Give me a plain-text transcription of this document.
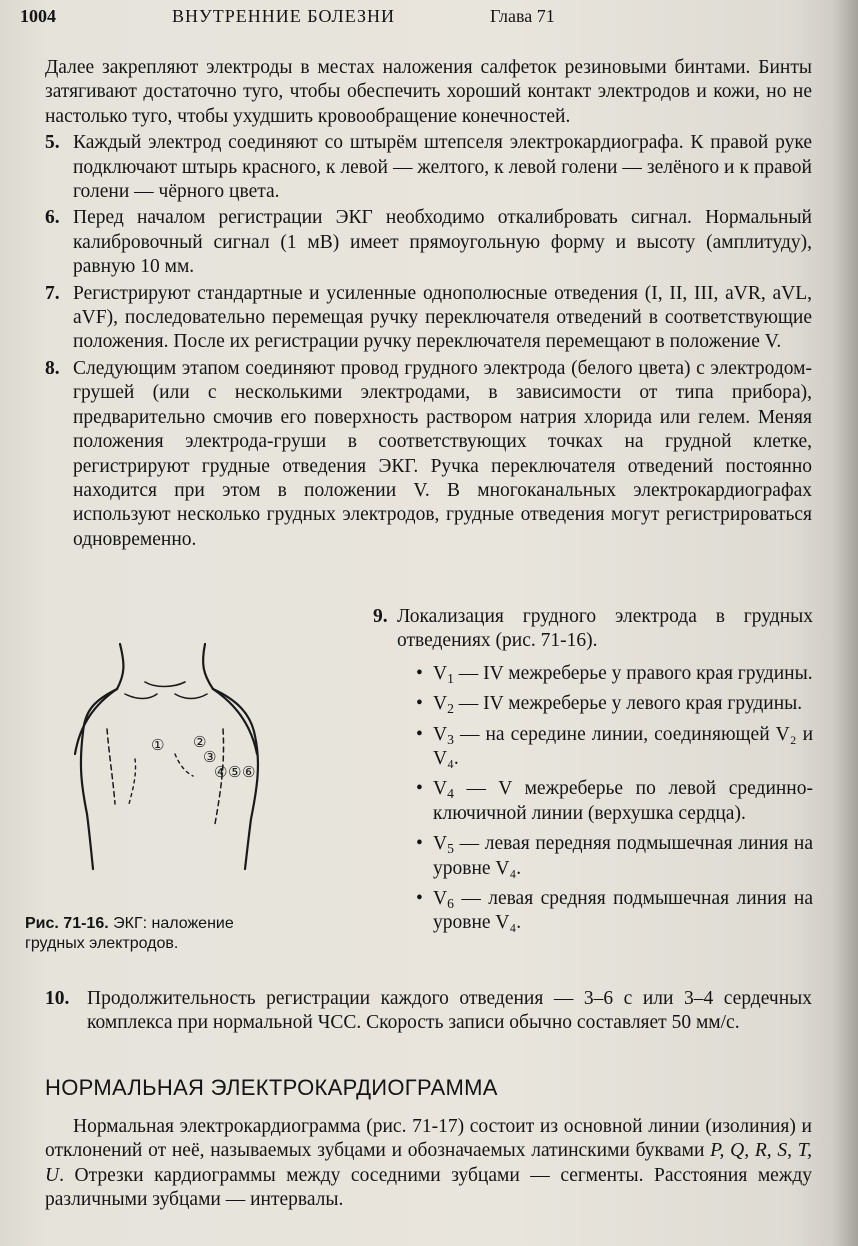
1004	ВНУТРЕННИЕ БОЛЕЗНИ	Глава 71

Далее закрепляют электроды в местах наложения салфеток резиновыми бинтами. Бинты затягивают достаточно туго, чтобы обеспечить хороший контакт электродов и кожи, но не настолько туго, чтобы ухудшить кровообращение конечностей.

5. Каждый электрод соединяют со штырём штепселя электрокардиографа. К правой руке подключают штырь красного, к левой — желтого, к левой голени — зелёного и к правой голени — чёрного цвета.
6. Перед началом регистрации ЭКГ необходимо откалибровать сигнал. Нормальный калибровочный сигнал (1 мВ) имеет прямоугольную форму и высоту (амплитуду), равную 10 мм.
7. Регистрируют стандартные и усиленные однополюсные отведения (I, II, III, aVR, aVL, aVF), последовательно перемещая ручку переключателя отведений в соответствующие положения. После их регистрации ручку переключателя перемещают в положение V.
8. Следующим этапом соединяют провод грудного электрода (белого цвета) с электродом-грушей (или с несколькими электродами, в зависимости от типа прибора), предварительно смочив его поверхность раствором натрия хлорида или гелем. Меняя положения электрода-груши в соответствующих точках на грудной клетке, регистрируют грудные отведения ЭКГ. Ручка переключателя отведений постоянно находится при этом в положении V. В многоканальных электрокардиографах используют несколько грудных электродов, грудные отведения могут регистрироваться одновременно.
① ②
③
④ ⑤ ⑥
Рис. 71-16. ЭКГ: наложение грудных электродов.
9. Локализация грудного электрода в грудных отведениях (рис. 71-16).
• $V_1$ — IV межреберье у правого края грудины.
• $V_2$ — IV межреберье у левого края грудины.
• $V_3$ — на середине линии, соединяющей V₂ и V₄.
• $V_4$ — V межреберье по левой срединно-ключичной линии (верхушка сердца).
• $V_5$ — левая передняя подмышечная линия на уровне V₄.
• $V_6$ — левая средняя подмышечная линия на уровне V₄.
10. Продолжительность регистрации каждого отведения — 3–6 с или 3–4 сердечных комплекса при нормальной ЧСС. Скорость записи обычно составляет 50 мм/с.
НОРМАЛЬНАЯ ЭЛЕКТРОКАРДИОГРАММА

Нормальная электрокардиограмма (рис. 71-17) состоит из основной линии (изолиния) и отклонений от неё, называемых зубцами и обозначаемых латинскими буквами P, Q, R, S, T, U. Отрезки кардиограммы между соседними зубцами — сегменты. Расстояния между различными зубцами — интервалы.
